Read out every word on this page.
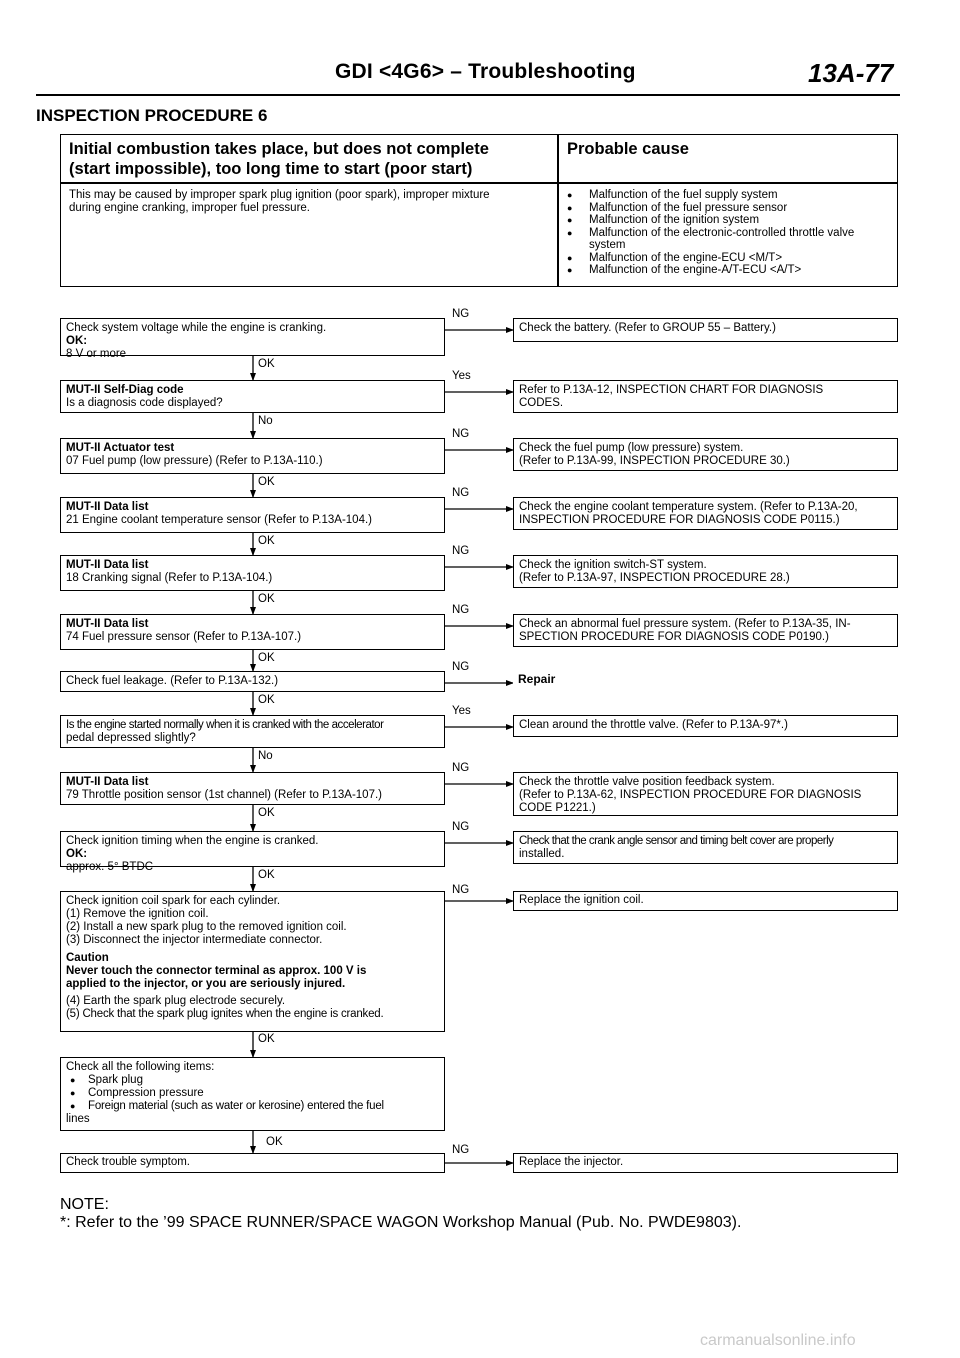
GDI <4G6> – Troubleshooting	13A-77
INSPECTION PROCEDURE 6
Initial combustion takes place, but does not complete
(start impossible), too long time to start (poor start)
Probable cause
This may be caused by improper spark plug ignition (poor spark), improper mixture
during engine cranking, improper fuel pressure.
● Malfunction of the fuel supply system
● Malfunction of the fuel pressure sensor
● Malfunction of the ignition system
● Malfunction of the electronic-controlled throttle valve
system
● Malfunction of the engine-ECU <M/T>
● Malfunction of the engine-A/T-ECU <A/T>
Check system voltage while the engine is cranking.
OK:
8 V or more
Check the battery. (Refer to GROUP 55 – Battery.)
NG
OK
MUT-II Self-Diag code
Is a diagnosis code displayed?
Refer to P.13A-12, INSPECTION CHART FOR DIAGNOSIS
CODES.
Yes
No
MUT-II Actuator test
07 Fuel pump (low pressure) (Refer to P.13A-110.)
Check the fuel pump (low pressure) system.
(Refer to P.13A-99, INSPECTION PROCEDURE 30.)
NG
OK
MUT-II Data list
21 Engine coolant temperature sensor (Refer to P.13A-104.)
Check the engine coolant temperature system. (Refer to P.13A-20,
INSPECTION PROCEDURE FOR DIAGNOSIS CODE P0115.)
NG
OK
MUT-II Data list
18 Cranking signal (Refer to P.13A-104.)
Check the ignition switch-ST system.
(Refer to P.13A-97, INSPECTION PROCEDURE 28.)
NG
OK
MUT-II Data list
74 Fuel pressure sensor (Refer to P.13A-107.)
Check an abnormal fuel pressure system. (Refer to P.13A-35, IN-
SPECTION PROCEDURE FOR DIAGNOSIS CODE P0190.)
NG
OK
Check fuel leakage. (Refer to P.13A-132.)	Repair
NG
OK
Is the engine started normally when it is cranked with the accelerator
pedal depressed slightly?
Clean around the throttle valve. (Refer to P.13A-97*.)
Yes
No
MUT-II Data list
79 Throttle position sensor (1st channel) (Refer to P.13A-107.)
Check the throttle valve position feedback system.
(Refer to P.13A-62, INSPECTION PROCEDURE FOR DIAGNOSIS
CODE P1221.)
NG
OK
Check ignition timing when the engine is cranked.
OK:
approx. 5° BTDC
Check that the crank angle sensor and timing belt cover are properly
installed.
NG
OK
Check ignition coil spark for each cylinder.
(1) Remove the ignition coil.
(2) Install a new spark plug to the removed ignition coil.
(3) Disconnect the injector intermediate connector.
Caution
Never touch the connector terminal as approx. 100 V is
applied to the injector, or you are seriously injured.
(4) Earth the spark plug electrode securely.
(5) Check that the spark plug ignites when the engine is cranked.
Replace the ignition coil.
NG
OK
Check all the following items:
● Spark plug
● Compression pressure
● Foreign material (such as water or kerosine) entered the fuel
lines
OK
Check trouble symptom.	Replace the injector.
NG
NOTE:
*: Refer to the ’99 SPACE RUNNER/SPACE WAGON Workshop Manual (Pub. No. PWDE9803).
carmanualsonline.info
